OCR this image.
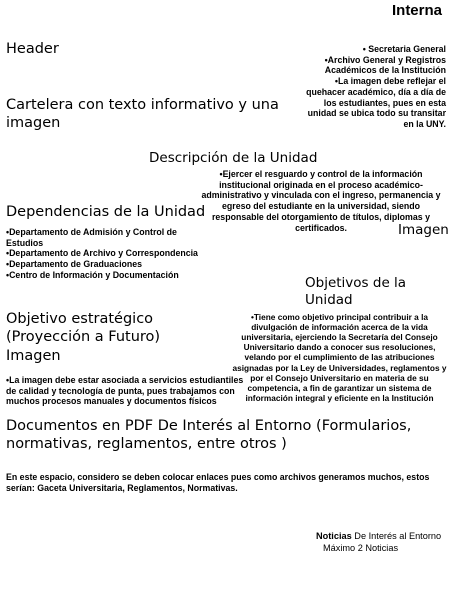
Interna
Header
Cartelera con texto informativo y una imagen

• Secretaria General

•Archivo General y Registros Académicos de la Institución

•La imagen debe reflejar el quehacer académico, día a día de los estudiantes, pues en esta unidad se ubica todo su transitar en la UNY.

Descripción de la Unidad
•Ejercer el resguardo y control de la información institucional originada en el proceso académico-administrativo y vinculada con el ingreso, permanencia y egreso del estudiante en la universidad, siendo responsable del otorgamiento de títulos, diplomas y certificados.
Dependencias de la Unidad
Imagen
•Departamento de Admisión y Control de Estudios
•Departamento de Archivo y Correspondencia
•Departamento de Graduaciones
•Centro de Información y Documentación
Objetivos de la Unidad
Objetivo estratégico (Proyección a Futuro)
Imagen
•Tiene como objetivo principal contribuir a la divulgación de información acerca de la vida universitaria, ejerciendo la Secretaría del Consejo Universitario dando a conocer sus resoluciones, velando por el cumplimiento de las atribuciones asignadas por la Ley de Universidades, reglamentos y por el Consejo Universitario en materia de su competencia, a fin de garantizar un sistema de información integral y eficiente en la Institución
•La imagen debe estar asociada a servicios estudiantiles de calidad y tecnología de punta, pues trabajamos con muchos procesos manuales y documentos físicos
Documentos en PDF De Interés al Entorno (Formularios, normativas, reglamentos, entre otros )
En este espacio, considero se deben colocar enlaces pues como archivos generamos muchos, estos serían: Gaceta Universitaria, Reglamentos, Normativas.
Noticias De Interés al Entorno
Máximo 2 Noticias
